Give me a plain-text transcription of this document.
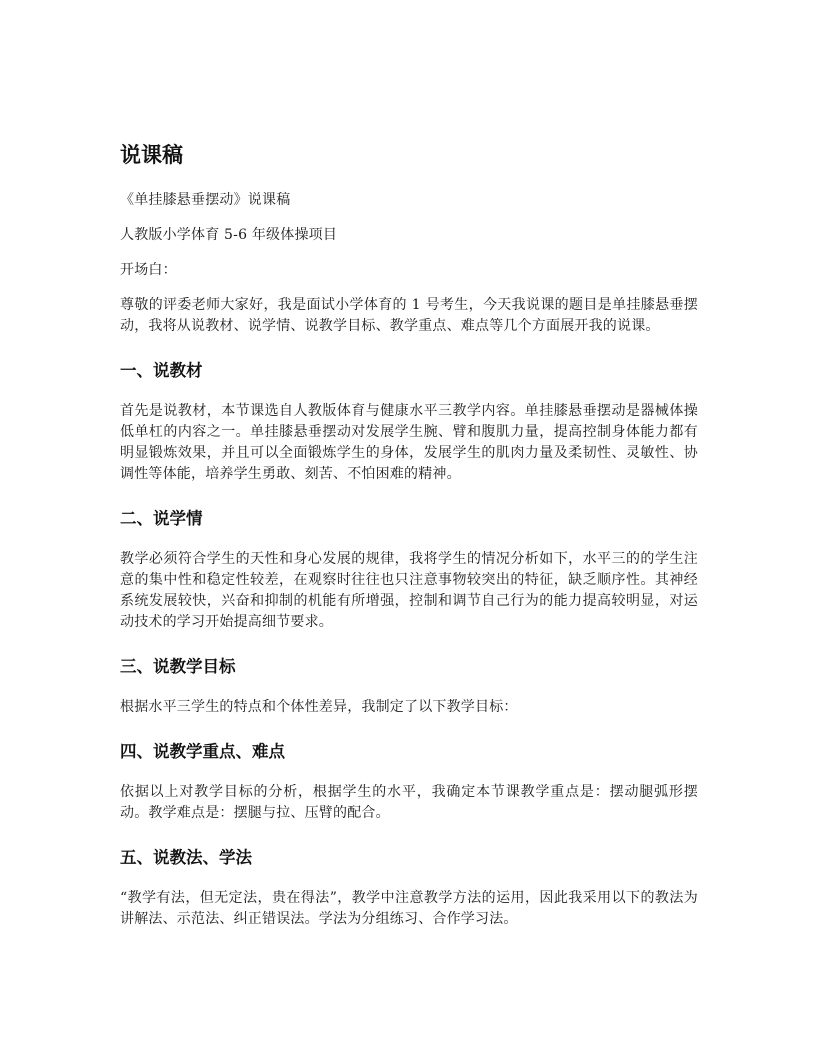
说课稿

《单挂膝悬垂摆动》说课稿

人教版小学体育 5-6 年级体操项目

开场白：

尊敬的评委老师大家好，我是面试小学体育的 1 号考生，今天我说课的题目是单挂膝悬垂摆动，我将从说教材、说学情、说教学目标、教学重点、难点等几个方面展开我的说课。

一、说教材

首先是说教材，本节课选自人教版体育与健康水平三教学内容。单挂膝悬垂摆动是器械体操低单杠的内容之一。单挂膝悬垂摆动对发展学生腕、臂和腹肌力量，提高控制身体能力都有明显锻炼效果，并且可以全面锻炼学生的身体，发展学生的肌肉力量及柔韧性、灵敏性、协调性等体能，培养学生勇敢、刻苦、不怕困难的精神。

二、说学情

教学必须符合学生的天性和身心发展的规律，我将学生的情况分析如下，水平三的的学生注意的集中性和稳定性较差，在观察时往往也只注意事物较突出的特征，缺乏顺序性。其神经系统发展较快，兴奋和抑制的机能有所增强，控制和调节自己行为的能力提高较明显，对运动技术的学习开始提高细节要求。

三、说教学目标

根据水平三学生的特点和个体性差异，我制定了以下教学目标：

四、说教学重点、难点

依据以上对教学目标的分析，根据学生的水平，我确定本节课教学重点是：摆动腿弧形摆动。教学难点是：摆腿与拉、压臂的配合。

五、说教法、学法

“教学有法，但无定法，贵在得法”，教学中注意教学方法的运用，因此我采用以下的教法为讲解法、示范法、纠正错误法。学法为分组练习、合作学习法。
